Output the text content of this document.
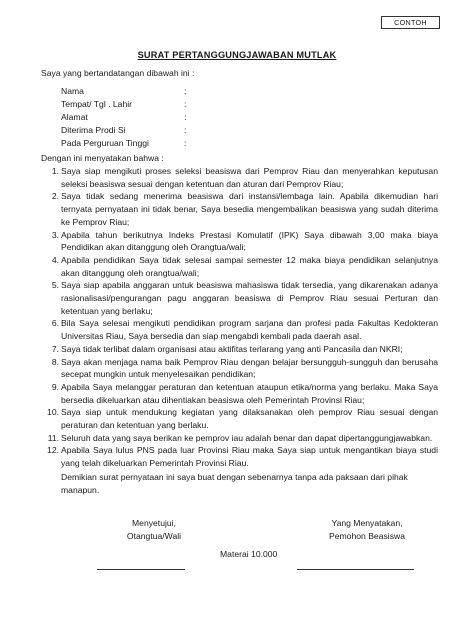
CONTOH
SURAT PERTANGGUNGJAWABAN MUTLAK
Saya yang bertandatangan dibawah ini :
Nama	:
Tempat/ Tgl . Lahir	:
Alamat	:
Diterima Prodi Si	:
Pada Perguruan Tinggi	:
Dengan ini menyatakan bahwa :
1. Saya siap mengikuti proses seleksi beasiswa dari Pemprov Riau dan menyerahkan keputusan seleksi beasiswa sesuai dengan ketentuan dan aturan dari Pemprov Riau;
2. Saya tidak sedang menerima beasiswa dari instansi/lembaga lain. Apabila dikemudian hari ternyata pernyataan ini tidak benar, Saya besedia mengembalikan beasiswa yang sudah diterima ke Pemprov Riau;
3. Apabila tahun berikutnya Indeks Prestasi Komulatif (IPK) Saya dibawah 3,00 maka biaya Pendidikan akan ditanggung oleh Orangtua/wali;
4. Apabila pendidikan Saya tidak selesai sampai semester 12 maka biaya pendidikan selanjutnya akan ditanggung oleh orangtua/wali;
5. Saya siap apabila anggaran untuk beasiswa mahasiswa tidak tersedia, yang dikarenakan adanya rasionalisasi/pengurangan pagu anggaran beasiswa di Pemprov Riau sesuai Perturan dan ketentuan yang berlaku;
6. Bila Saya selesai mengikuti pendidikan program sarjana dan profesi pada Fakultas Kedokteran Universitas Riau, Saya bersedia dan siap mengabdi kembali pada daerah asal.
7. Saya tidak terlibat dalam organisasi atau aktifitas terlarang yang anti Pancasila dan NKRI;
8. Saya akan menjaga nama baik Pemprov Riau dengan belajar bersungguh-sungguh dan berusaha secepat mungkin untuk menyelesaikan pendidikan;
9. Apabila Saya melanggar peraturan dan ketentuan ataupun etika/norma yang berlaku. Maka Saya bersedia dikeluarkan atau dihentiakan beasiswa oleh Pemerintah Provinsi Riau;
10. Saya siap untuk mendukung kegiatan yang dilaksanakan oleh pemprov Riau sesuai dengan peraturan dan ketentuan yang berlaku.
11. Seluruh data yang saya berikan ke pemprov iau adalah benar dan dapat dipertanggungjawabkan.
12. Apabila Saya lulus PNS pada luar Provinsi Riau maka Saya siap untuk mengantikan biaya studi yang telah dikeluarkan Pemerintah Provinsi Riau.
Demikian surat pernyataan ini saya buat dengan sebenarnya tanpa ada paksaan dari pihak manapun.
Menyetujui,
Otangtua/Wali
Yang Menyatakan,
Pemohon Beasiswa
Materai 10.000
